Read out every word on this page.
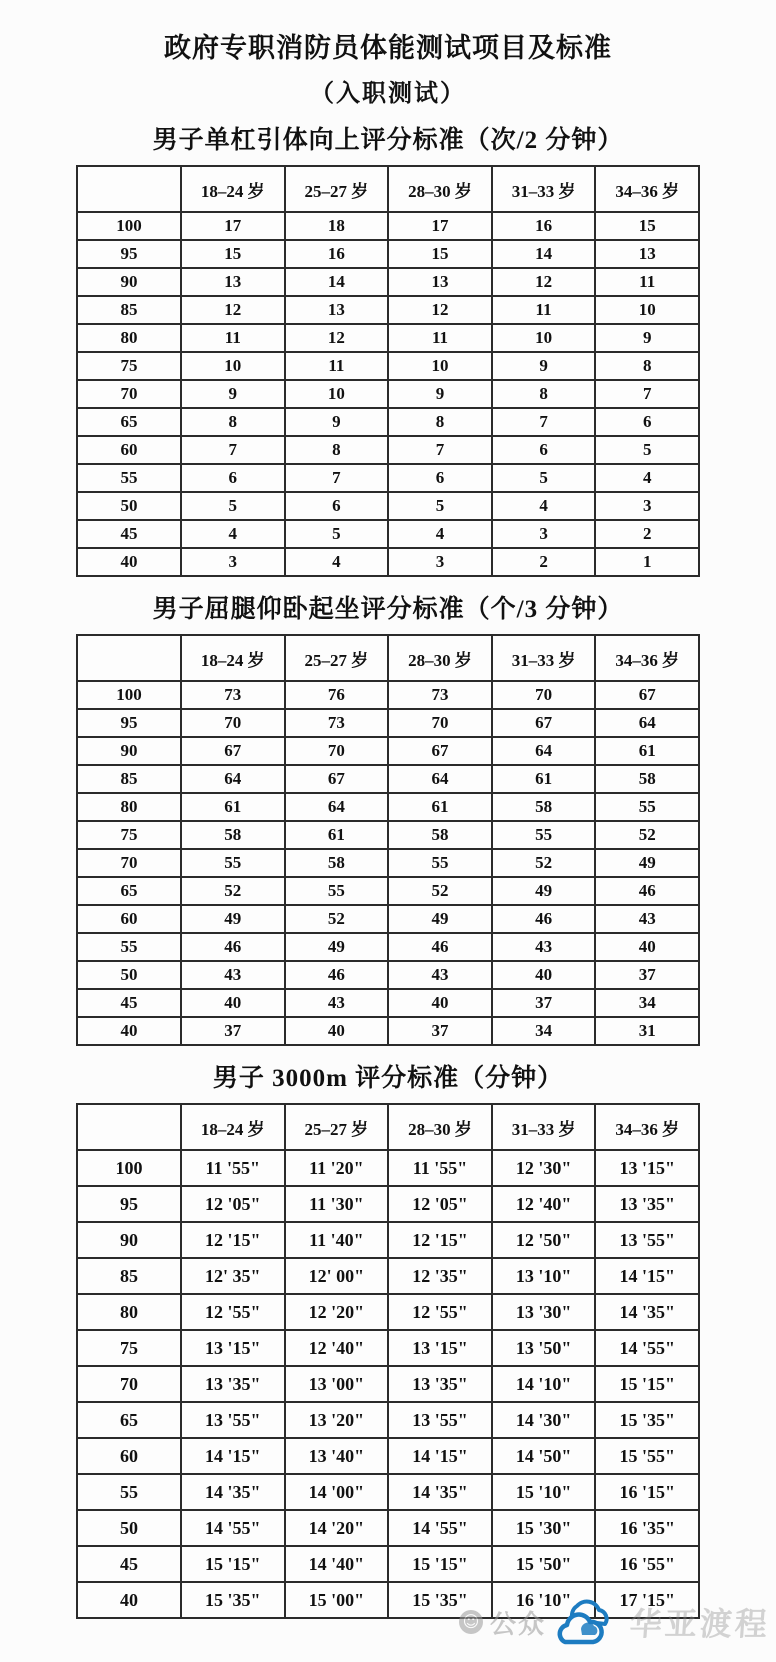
政府专职消防员体能测试项目及标准
（入职测试）
男子单杠引体向上评分标准（次/2 分钟）
	18–24 岁	25–27 岁	28–30 岁	31–33 岁	34–36 岁
100	17	18	17	16	15
95	15	16	15	14	13
90	13	14	13	12	11
85	12	13	12	11	10
80	11	12	11	10	9
75	10	11	10	9	8
70	9	10	9	8	7
65	8	9	8	7	6
60	7	8	7	6	5
55	6	7	6	5	4
50	5	6	5	4	3
45	4	5	4	3	2
40	3	4	3	2	1
男子屈腿仰卧起坐评分标准（个/3 分钟）
	18–24 岁	25–27 岁	28–30 岁	31–33 岁	34–36 岁
100	73	76	73	70	67
95	70	73	70	67	64
90	67	70	67	64	61
85	64	67	64	61	58
80	61	64	61	58	55
75	58	61	58	55	52
70	55	58	55	52	49
65	52	55	52	49	46
60	49	52	49	46	43
55	46	49	46	43	40
50	43	46	43	40	37
45	40	43	40	37	34
40	37	40	37	34	31
男子 3000m 评分标准（分钟）
	18–24 岁	25–27 岁	28–30 岁	31–33 岁	34–36 岁
100	11 '55"	11 '20"	11 '55"	12 '30"	13 '15"
95	12 '05"	11 '30"	12 '05"	12 '40"	13 '35"
90	12 '15"	11 '40"	12 '15"	12 '50"	13 '55"
85	12' 35"	12' 00"	12 '35"	13 '10"	14 '15"
80	12 '55"	12 '20"	12 '55"	13 '30"	14 '35"
75	13 '15"	12 '40"	13 '15"	13 '50"	14 '55"
70	13 '35"	13 '00"	13 '35"	14 '10"	15 '15"
65	13 '55"	13 '20"	13 '55"	14 '30"	15 '35"
60	14 '15"	13 '40"	14 '15"	14 '50"	15 '55"
55	14 '35"	14 '00"	14 '35"	15 '10"	16 '15"
50	14 '55"	14 '20"	14 '55"	15 '30"	16 '35"
45	15 '15"	14 '40"	15 '15"	15 '50"	16 '55"
40	15 '35"	15 '00"	15 '35"	16 '10"	17 '15"
☺ 公众	华亚渡程
